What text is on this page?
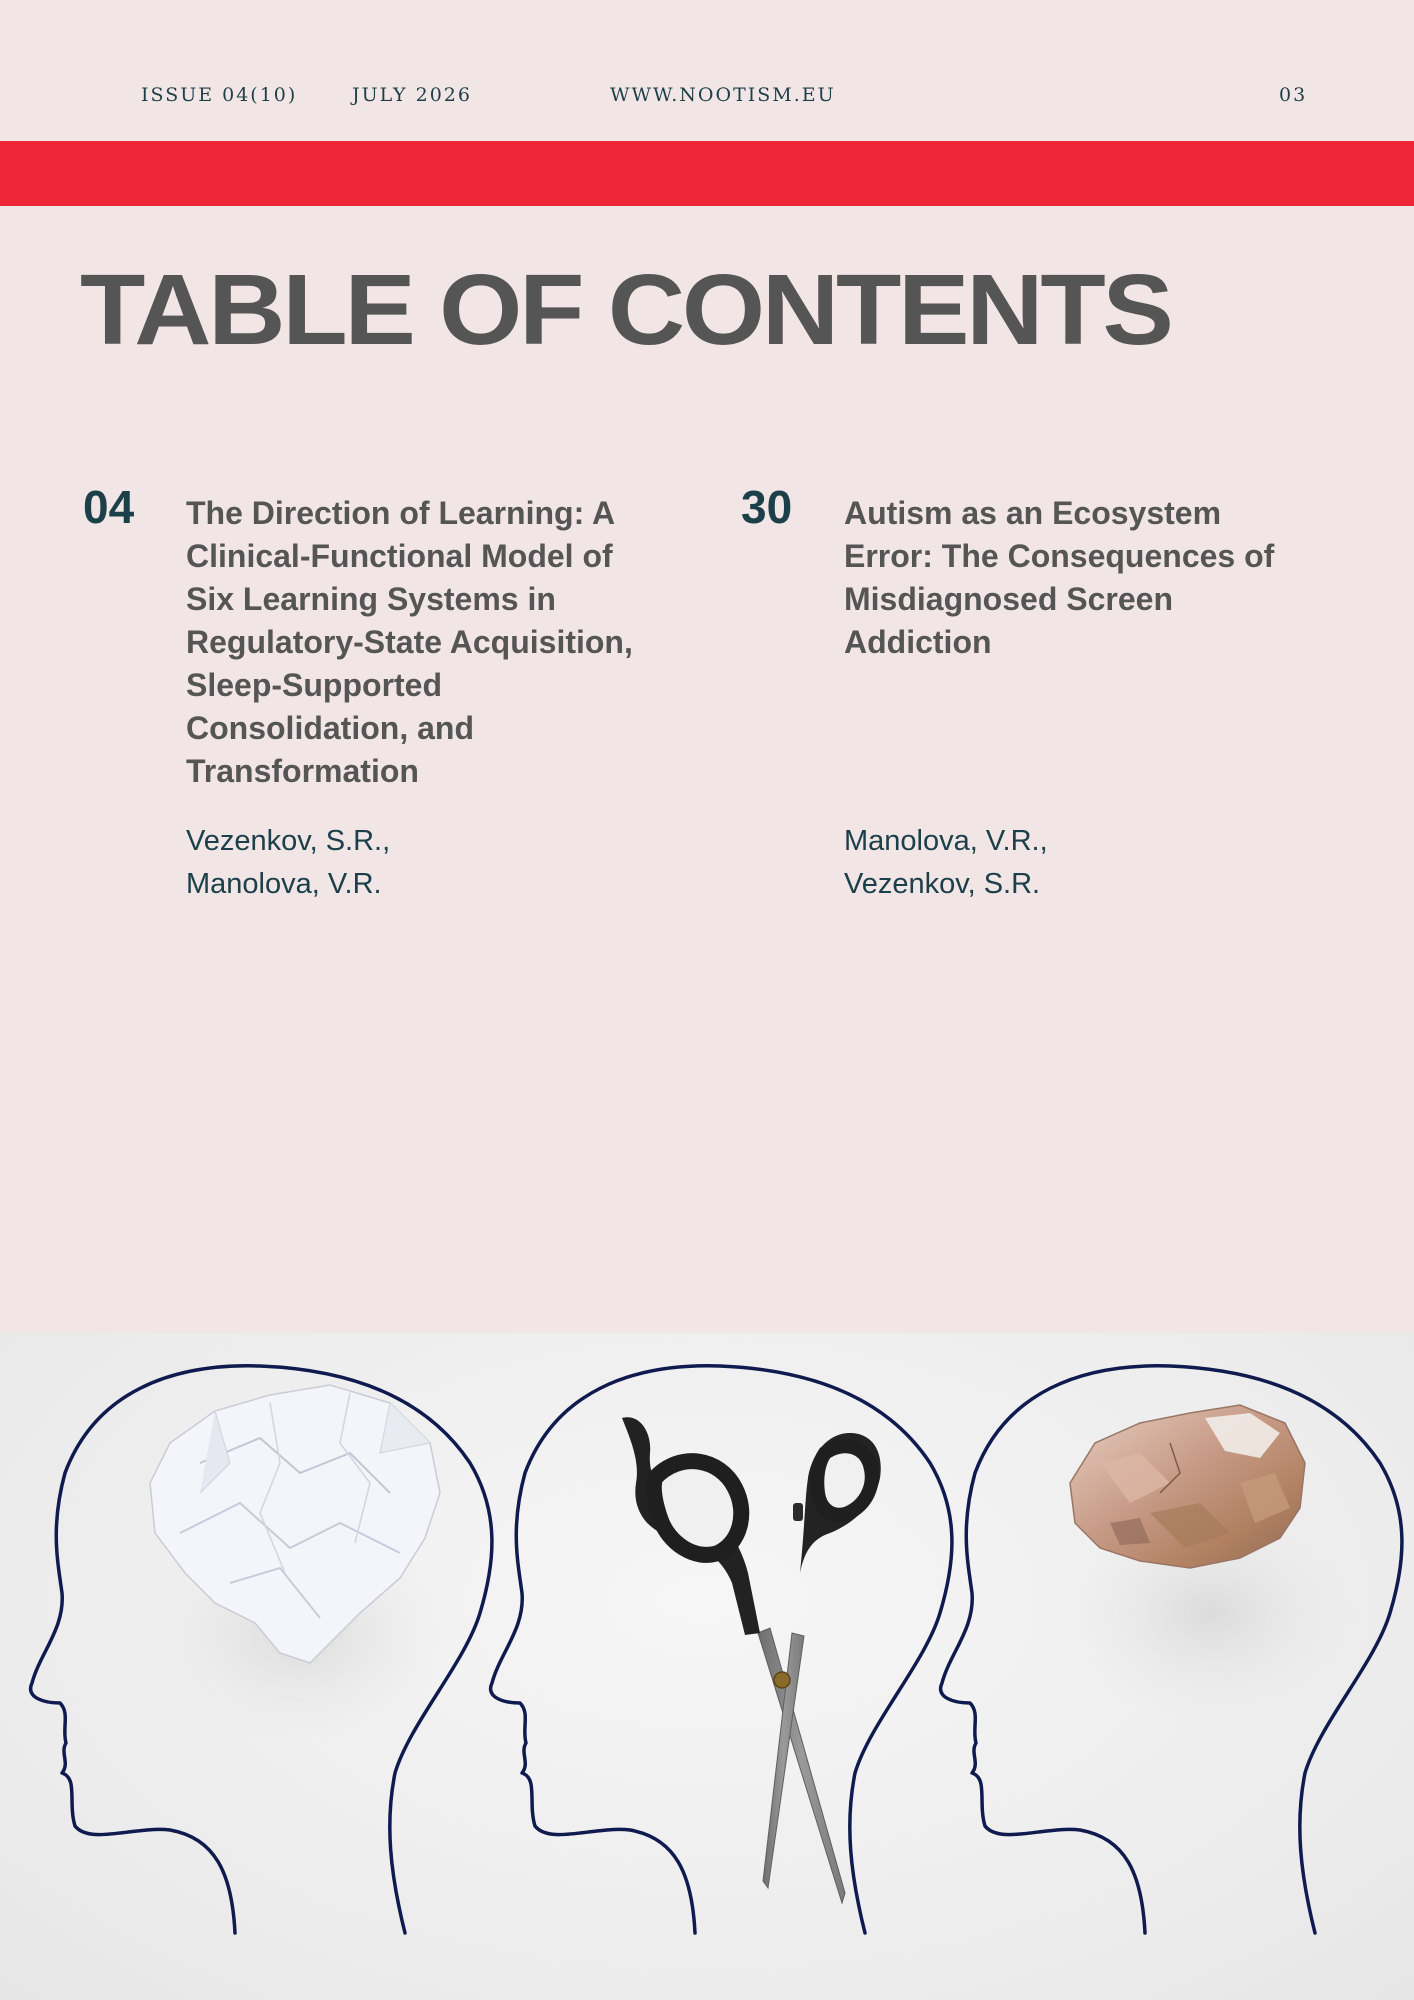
ISSUE 04(10)	JULY 2026	WWW.NOOTISM.EU	03
TABLE OF CONTENTS
04 The Direction of Learning: A Clinical-Functional Model of Six Learning Systems in Regulatory-State Acquisition, Sleep-Supported Consolidation, and Transformation
Vezenkov, S.R.,
Manolova, V.R.
30 Autism as an Ecosystem Error: The Consequences of Misdiagnosed Screen Addiction
Manolova, V.R.,
Vezenkov, S.R.
